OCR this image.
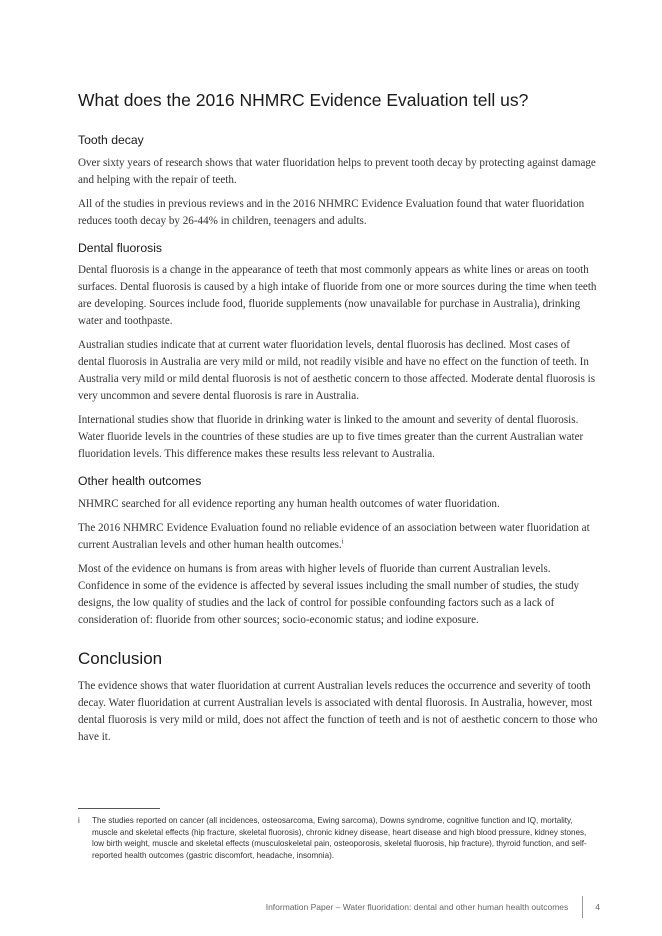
What does the 2016 NHMRC Evidence Evaluation tell us?
Tooth decay

Over sixty years of research shows that water fluoridation helps to prevent tooth decay by protecting against damage and helping with the repair of teeth.

All of the studies in previous reviews and in the 2016 NHMRC Evidence Evaluation found that water fluoridation reduces tooth decay by 26-44% in children, teenagers and adults.

Dental fluorosis

Dental fluorosis is a change in the appearance of teeth that most commonly appears as white lines or areas on tooth surfaces. Dental fluorosis is caused by a high intake of fluoride from one or more sources during the time when teeth are developing. Sources include food, fluoride supplements (now unavailable for purchase in Australia), drinking water and toothpaste.

Australian studies indicate that at current water fluoridation levels, dental fluorosis has declined. Most cases of dental fluorosis in Australia are very mild or mild, not readily visible and have no effect on the function of teeth. In Australia very mild or mild dental fluorosis is not of aesthetic concern to those affected. Moderate dental fluorosis is very uncommon and severe dental fluorosis is rare in Australia.

International studies show that fluoride in drinking water is linked to the amount and severity of dental fluorosis. Water fluoride levels in the countries of these studies are up to five times greater than the current Australian water fluoridation levels. This difference makes these results less relevant to Australia.

Other health outcomes

NHMRC searched for all evidence reporting any human health outcomes of water fluoridation.

The 2016 NHMRC Evidence Evaluation found no reliable evidence of an association between water fluoridation at current Australian levels and other human health outcomes.$^i$

Most of the evidence on humans is from areas with higher levels of fluoride than current Australian levels. Confidence in some of the evidence is affected by several issues including the small number of studies, the study designs, the low quality of studies and the lack of control for possible confounding factors such as a lack of consideration of: fluoride from other sources; socio-economic status; and iodine exposure.

Conclusion

The evidence shows that water fluoridation at current Australian levels reduces the occurrence and severity of tooth decay. Water fluoridation at current Australian levels is associated with dental fluorosis. In Australia, however, most dental fluorosis is very mild or mild, does not affect the function of teeth and is not of aesthetic concern to those who have it.

i	The studies reported on cancer (all incidences, osteosarcoma, Ewing sarcoma), Downs syndrome, cognitive function and IQ, mortality, muscle and skeletal effects (hip fracture, skeletal fluorosis), chronic kidney disease, heart disease and high blood pressure, kidney stones, low birth weight, muscle and skeletal effects (musculoskeletal pain, osteoporosis, skeletal fluorosis, hip fracture), thyroid function, and self-reported health outcomes (gastric discomfort, headache, insomnia).
Information Paper – Water fluoridation: dental and other human health outcomes	4
